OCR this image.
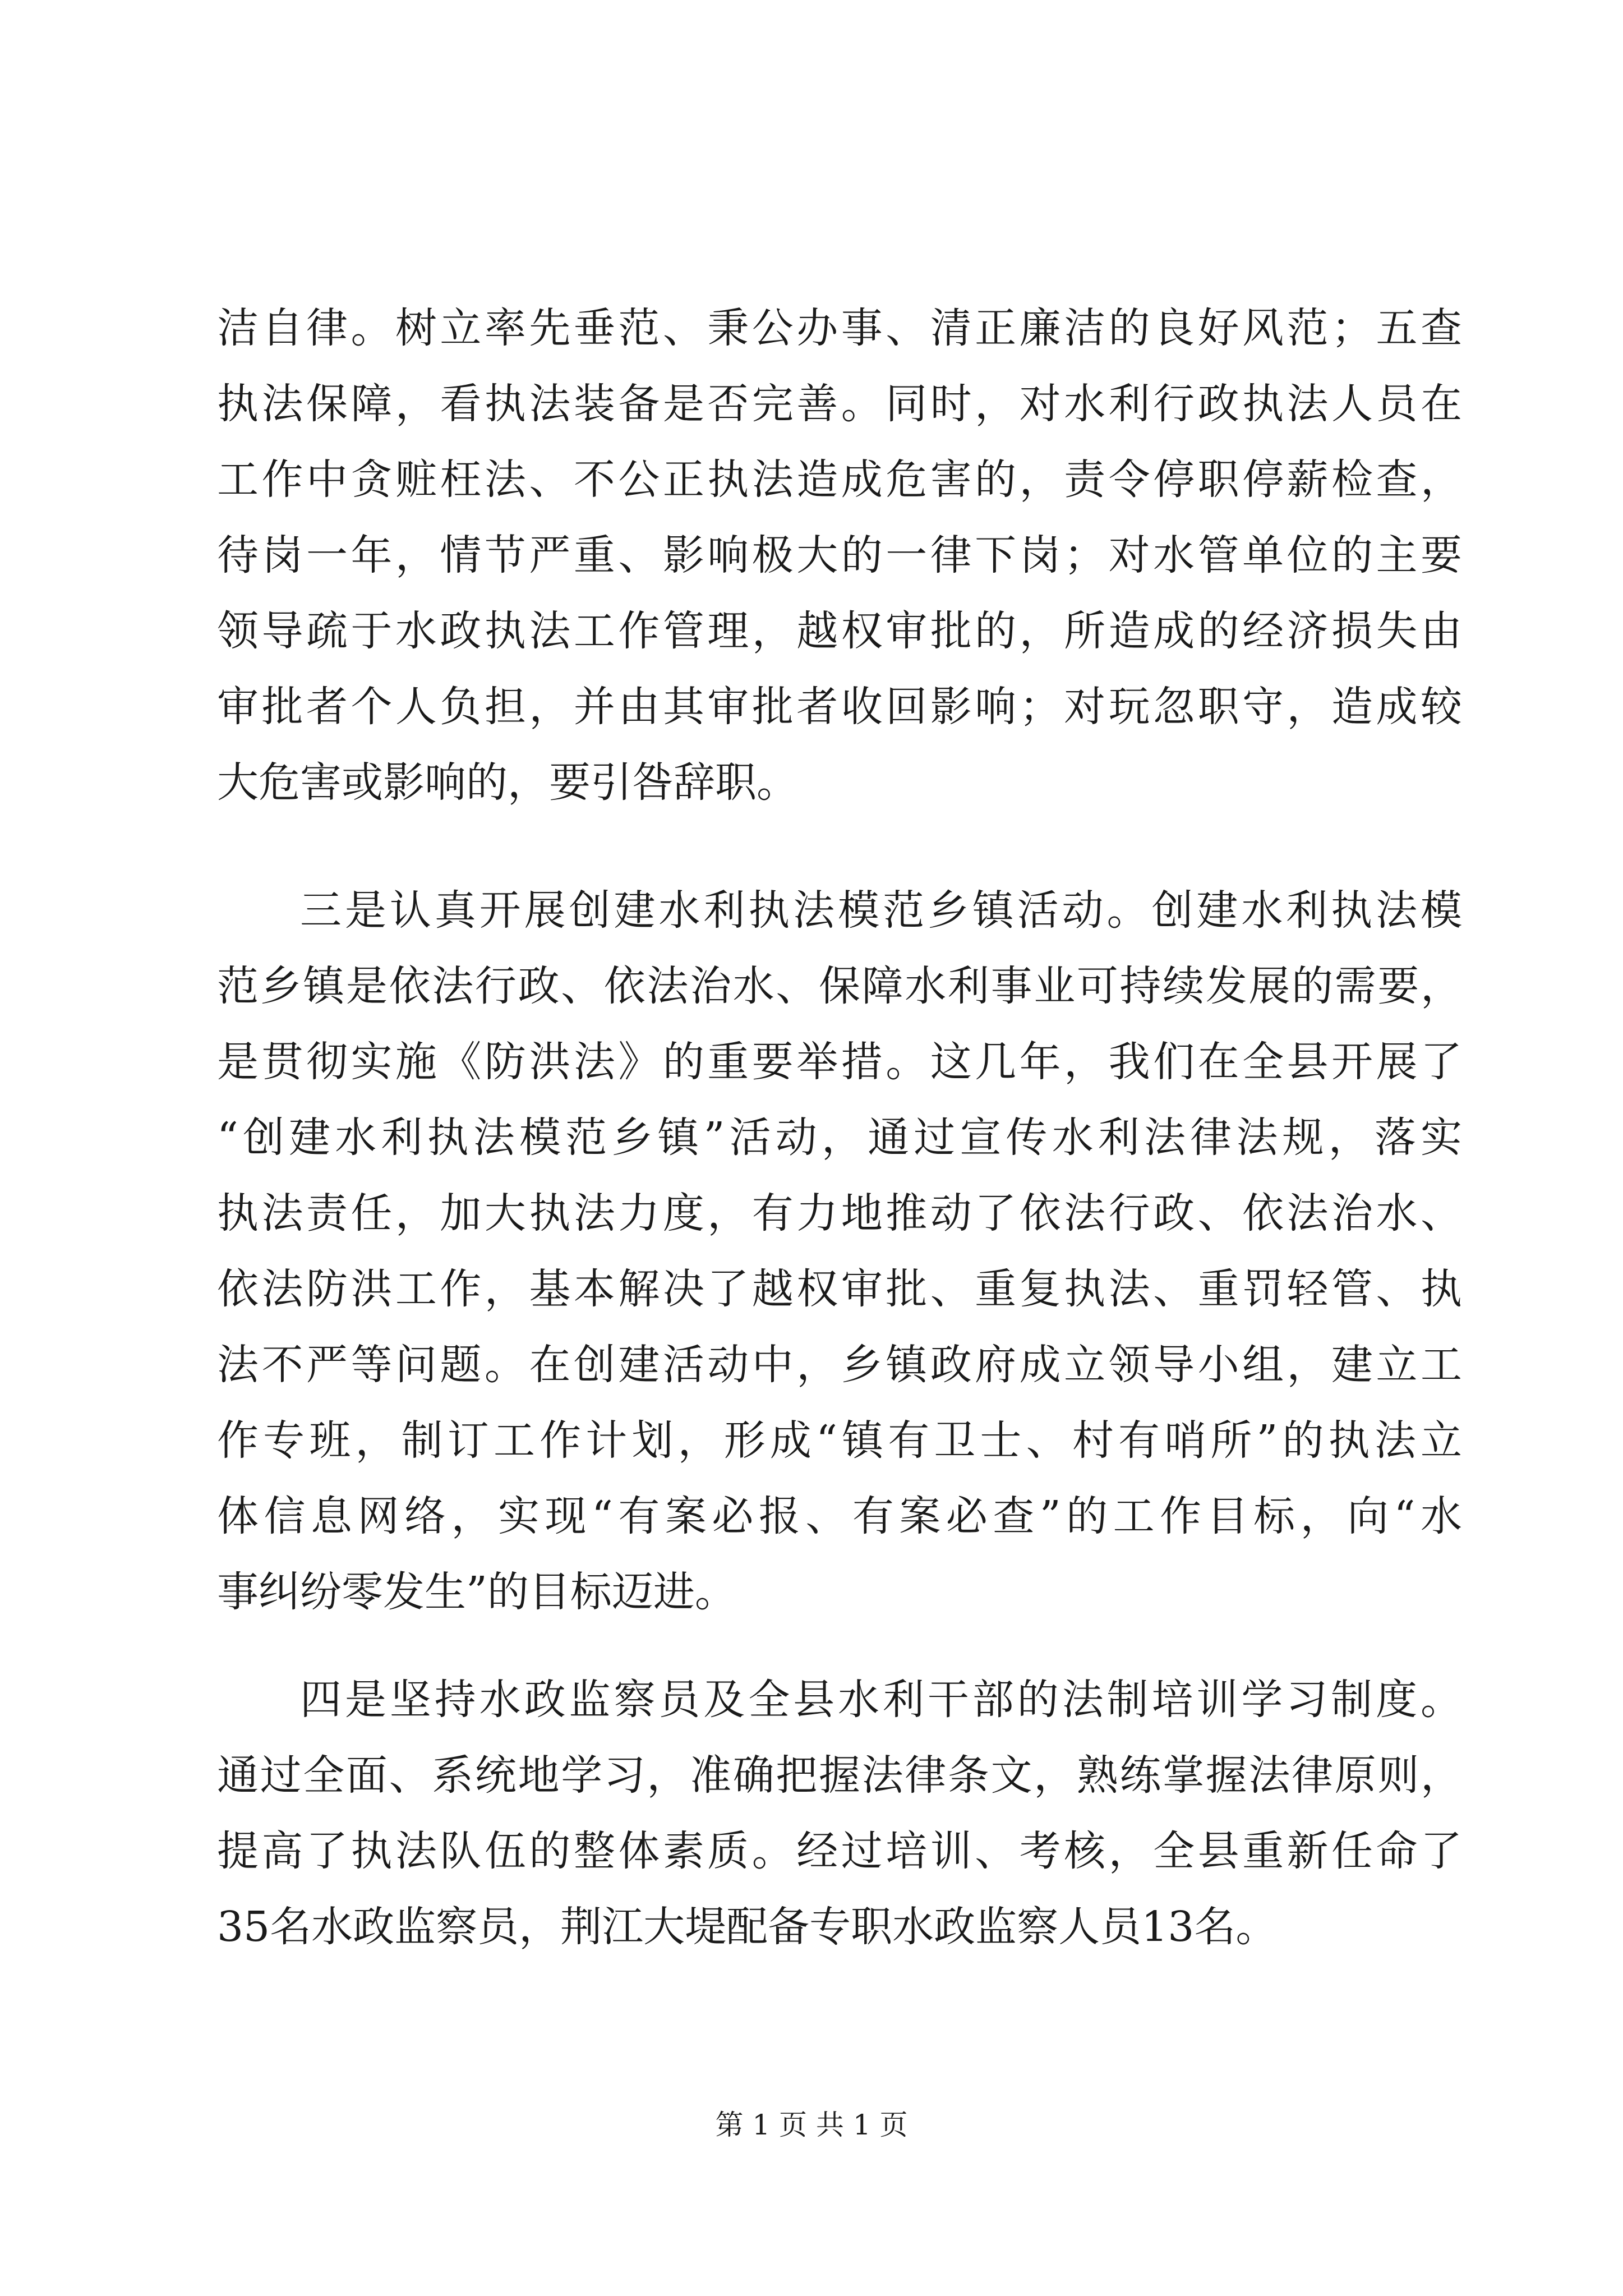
洁自律。树立率先垂范、秉公办事、清正廉洁的良好风范；五查
执法保障，看执法装备是否完善。同时，对水利行政执法人员在
工作中贪赃枉法、不公正执法造成危害的，责令停职停薪检查，
待岗一年，情节严重、影响极大的一律下岗；对水管单位的主要
领导疏于水政执法工作管理，越权审批的，所造成的经济损失由
审批者个人负担，并由其审批者收回影响；对玩忽职守，造成较
大危害或影响的，要引咎辞职。
三是认真开展创建水利执法模范乡镇活动。创建水利执法模
范乡镇是依法行政、依法治水、保障水利事业可持续发展的需要，
是贯彻实施《防洪法》的重要举措。这几年，我们在全县开展了
“创建水利执法模范乡镇”活动，通过宣传水利法律法规，落实
执法责任，加大执法力度，有力地推动了依法行政、依法治水、
依法防洪工作，基本解决了越权审批、重复执法、重罚轻管、执
法不严等问题。在创建活动中，乡镇政府成立领导小组，建立工
作专班，制订工作计划，形成“镇有卫士、村有哨所”的执法立
体信息网络，实现“有案必报、有案必查”的工作目标，向“水
事纠纷零发生”的目标迈进。
四是坚持水政监察员及全县水利干部的法制培训学习制度。
通过全面、系统地学习，准确把握法律条文，熟练掌握法律原则，
提高了执法队伍的整体素质。经过培训、考核，全县重新任命了
35名水政监察员，荆江大堤配备专职水政监察人员13名。
第 1 页 共 1 页
